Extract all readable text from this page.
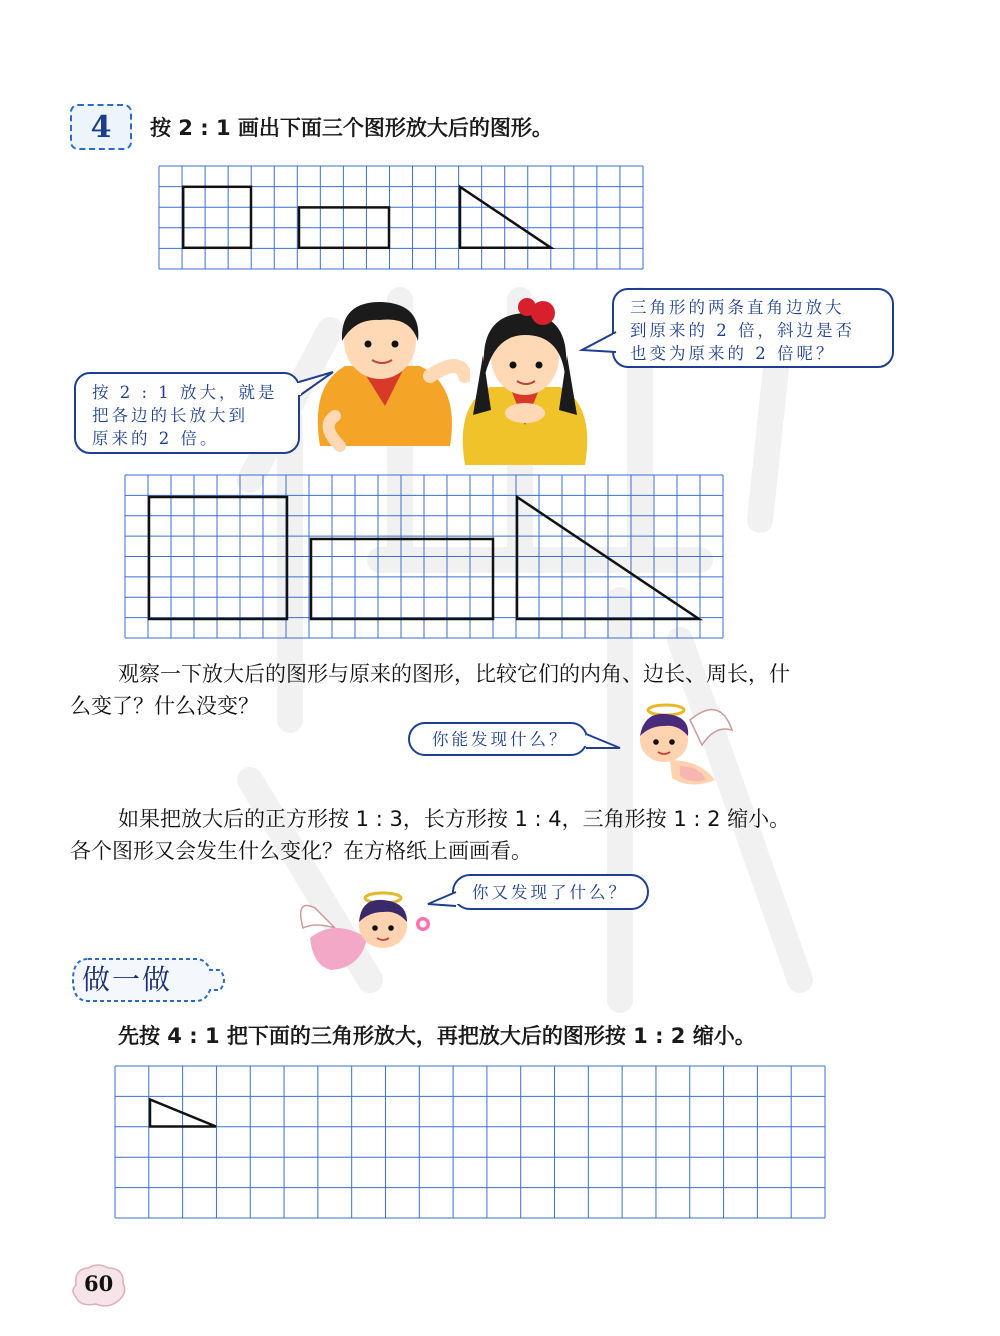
4 按 2 : 1 画出下面三个图形放大后的图形。
按 2 : 1 放大，就是
把各边的长放大到
原来的 2 倍。
三角形的两条直角边放大
到原来的 2 倍，斜边是否
也变为原来的 2 倍呢？
观察一下放大后的图形与原来的图形，比较它们的内角、边长、周长，什
么变了？什么没变？
你能发现什么？
如果把放大后的正方形按 1 : 3，长方形按 1 : 4，三角形按 1 : 2 缩小。
各个图形又会发生什么变化？在方格纸上画画看。
你又发现了什么？
做一做
先按 4 : 1 把下面的三角形放大，再把放大后的图形按 1 : 2 缩小。
60
